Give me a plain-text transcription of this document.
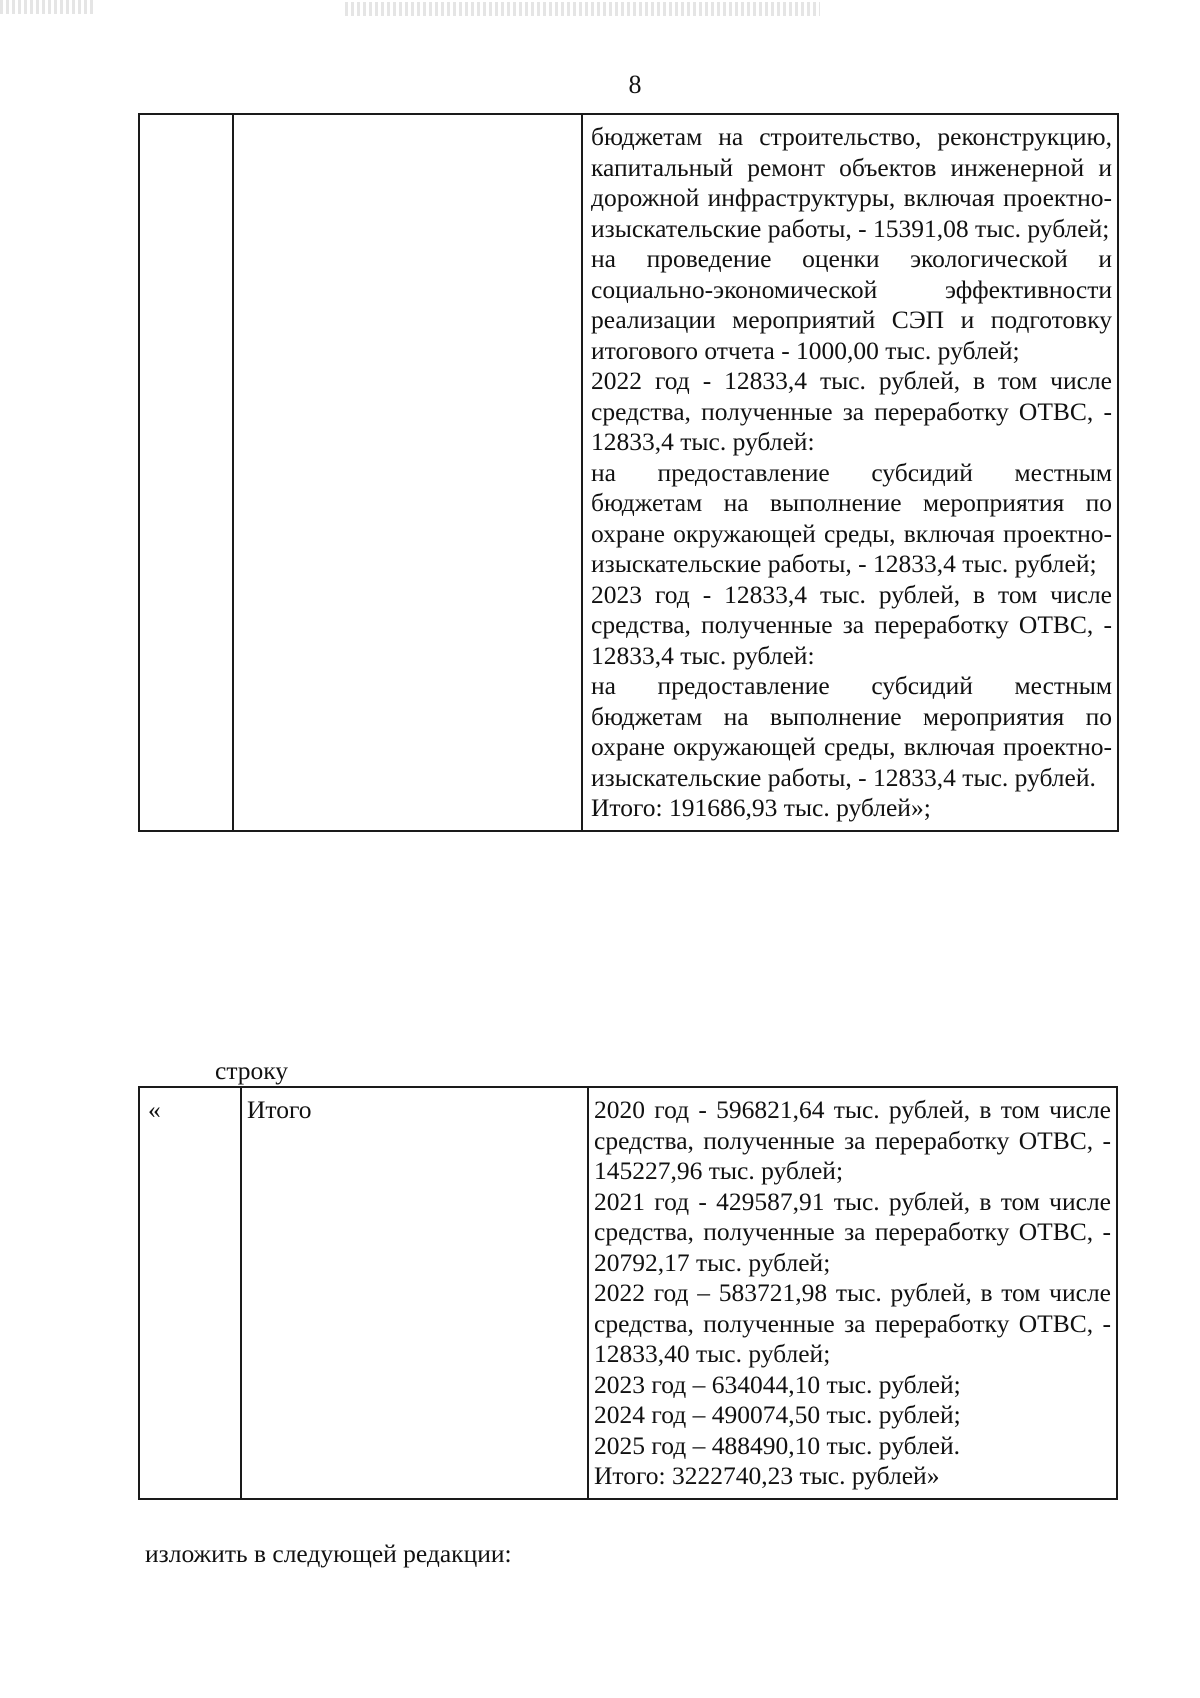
8

бюджетам на строительство, реконструкцию, капитальный ремонт объектов инженерной и дорожной инфраструктуры, включая проектно-изыскательские работы, - 15391,08 тыс. рублей;

на проведение оценки экологической и социально-экономической эффективности реализации мероприятий СЭП и подготовку итогового отчета - 1000,00 тыс. рублей;

2022 год - 12833,4 тыс. рублей, в том числе средства, полученные за переработку ОТВС, - 12833,4 тыс. рублей:

на предоставление субсидий местным бюджетам на выполнение мероприятия по охране окружающей среды, включая проектно-изыскательские работы, - 12833,4 тыс. рублей;

2023 год - 12833,4 тыс. рублей, в том числе средства, полученные за переработку ОТВС, - 12833,4 тыс. рублей:

на предоставление субсидий местным бюджетам на выполнение мероприятия по охране окружающей среды, включая проектно-изыскательские работы, - 12833,4 тыс. рублей.

Итого: 191686,93 тыс. рублей»;

строку
«	Итого	2020 год - 596821,64 тыс. рублей, в том числе средства, полученные за переработку ОТВС, - 145227,96 тыс. рублей;

2021 год - 429587,91 тыс. рублей, в том числе средства, полученные за переработку ОТВС, - 20792,17 тыс. рублей;

2022 год – 583721,98 тыс. рублей, в том числе средства, полученные за переработку ОТВС, - 12833,40 тыс. рублей;

2023 год – 634044,10 тыс. рублей;

2024 год – 490074,50 тыс. рублей;

2025 год – 488490,10 тыс. рублей.

Итого: 3222740,23 тыс. рублей»

изложить в следующей редакции:
